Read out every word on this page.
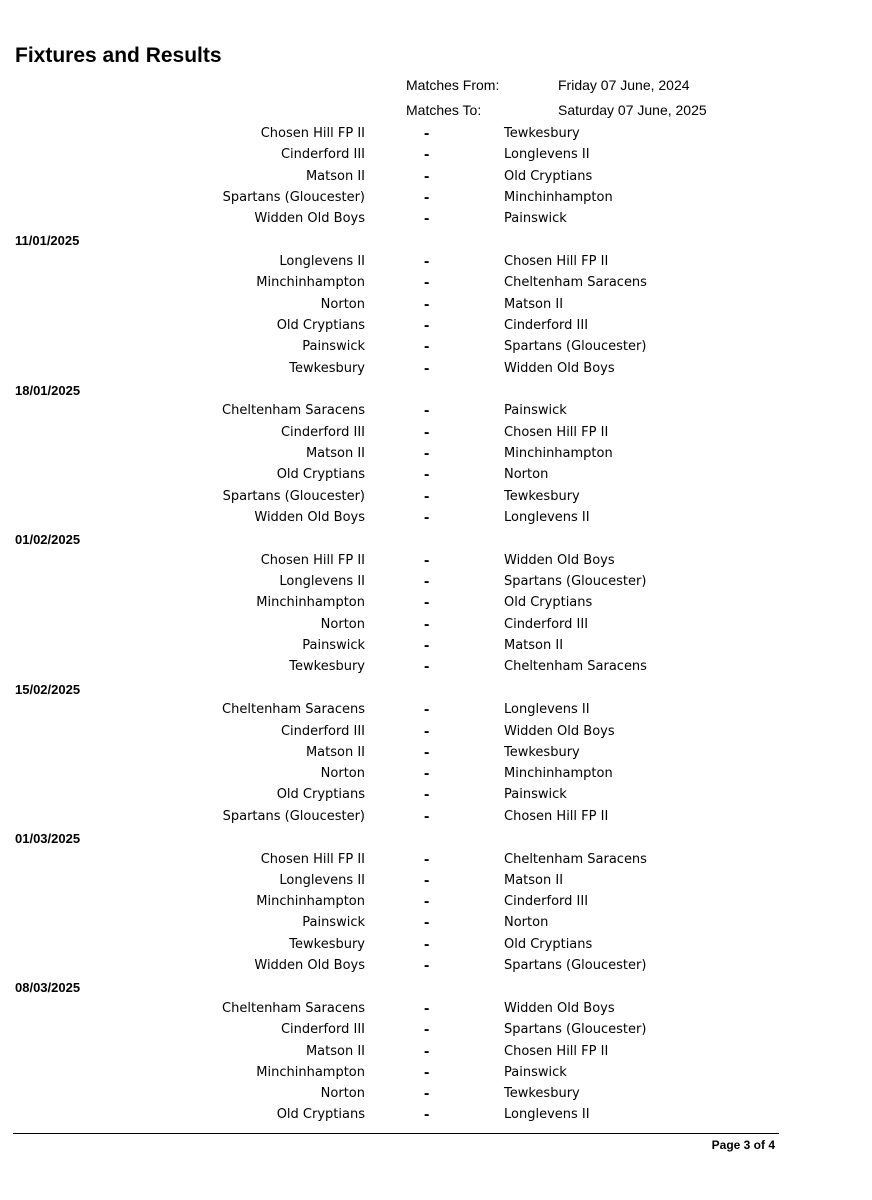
Fixtures and Results
Matches From:	Friday 07 June, 2024
Matches To:	Saturday 07 June, 2025
Chosen Hill FP II	-	Tewkesbury
Cinderford III	-	Longlevens II
Matson II	-	Old Cryptians
Spartans (Gloucester)	-	Minchinhampton
Widden Old Boys	-	Painswick
11/01/2025
Longlevens II	-	Chosen Hill FP II
Minchinhampton	-	Cheltenham Saracens
Norton	-	Matson II
Old Cryptians	-	Cinderford III
Painswick	-	Spartans (Gloucester)
Tewkesbury	-	Widden Old Boys
18/01/2025
Cheltenham Saracens	-	Painswick
Cinderford III	-	Chosen Hill FP II
Matson II	-	Minchinhampton
Old Cryptians	-	Norton
Spartans (Gloucester)	-	Tewkesbury
Widden Old Boys	-	Longlevens II
01/02/2025
Chosen Hill FP II	-	Widden Old Boys
Longlevens II	-	Spartans (Gloucester)
Minchinhampton	-	Old Cryptians
Norton	-	Cinderford III
Painswick	-	Matson II
Tewkesbury	-	Cheltenham Saracens
15/02/2025
Cheltenham Saracens	-	Longlevens II
Cinderford III	-	Widden Old Boys
Matson II	-	Tewkesbury
Norton	-	Minchinhampton
Old Cryptians	-	Painswick
Spartans (Gloucester)	-	Chosen Hill FP II
01/03/2025
Chosen Hill FP II	-	Cheltenham Saracens
Longlevens II	-	Matson II
Minchinhampton	-	Cinderford III
Painswick	-	Norton
Tewkesbury	-	Old Cryptians
Widden Old Boys	-	Spartans (Gloucester)
08/03/2025
Cheltenham Saracens	-	Widden Old Boys
Cinderford III	-	Spartans (Gloucester)
Matson II	-	Chosen Hill FP II
Minchinhampton	-	Painswick
Norton	-	Tewkesbury
Old Cryptians	-	Longlevens II
Page 3 of 4
